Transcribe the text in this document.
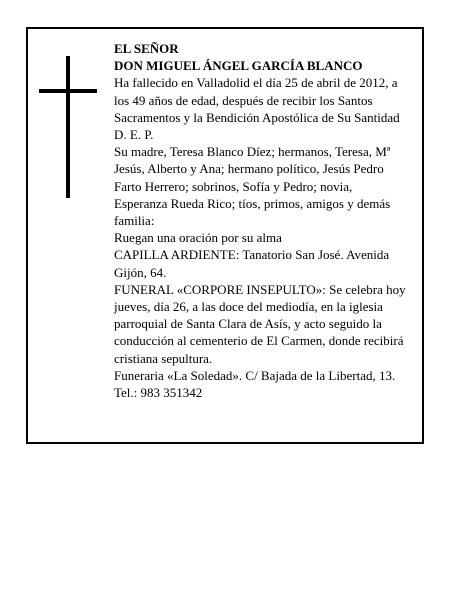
EL SEÑOR
DON MIGUEL ÁNGEL GARCÍA BLANCO
Ha fallecido en Valladolid el día 25 de abril de 2012, a
los 49 años de edad, después de recibir los Santos
Sacramentos y la Bendición Apostólica de Su Santidad
D. E. P.
Su madre, Teresa Blanco Díez; hermanos, Teresa, Mª
Jesús, Alberto y Ana; hermano político, Jesús Pedro
Farto Herrero; sobrinos, Sofía y Pedro; novia,
Esperanza Rueda Rico; tíos, primos, amigos y demás
familia:
Ruegan una oración por su alma
CAPILLA ARDIENTE: Tanatorio San José. Avenida
Gijón, 64.
FUNERAL «CORPORE INSEPULTO»: Se celebra hoy
jueves, día 26, a las doce del mediodía, en la iglesia
parroquial de Santa Clara de Asís, y acto seguido la
conducción al cementerio de El Carmen, donde recibirá
cristiana sepultura.
Funeraria «La Soledad». C/ Bajada de la Libertad, 13.
Tel.: 983 351342
